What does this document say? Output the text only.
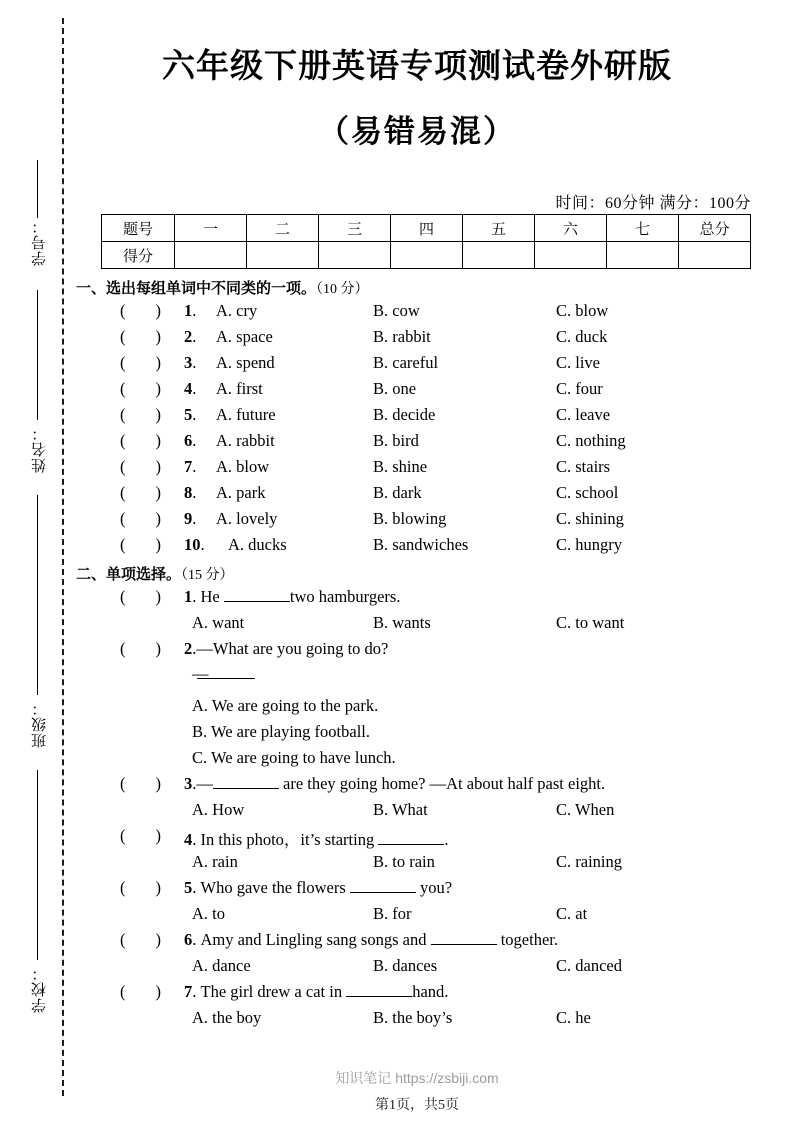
学号：
姓名：
班级：
学校：
六年级下册英语专项测试卷外研版
（易错易混）
时间：60分钟 满分：100分
题号	一	二	三	四	五	六	七	总分
得分								
一、选出每组单词中不同类的一项。（10 分）
( ) 1. A. cry	B. cow	C. blow
( ) 2. A. space	B. rabbit	C. duck
( ) 3. A. spend	B. careful	C. live
( ) 4. A. first	B. one	C. four
( ) 5. A. future	B. decide	C. leave
( ) 6. A. rabbit	B. bird	C. nothing
( ) 7. A. blow	B. shine	C. stairs
( ) 8. A. park	B. dark	C. school
( ) 9. A. lovely	B. blowing	C. shining
( ) 10. A. ducks	B. sandwiches	C. hungry
二、单项选择。（15 分）
( ) 1. He	two hamburgers.
A. want	B. wants	C. to want
( ) 2.—What are you going to do?
—
A. We are going to the park.
B. We are playing football.
C. We are going to have lunch.
( ) 3.—	are they going home? —At about half past eight.
A. How	B. What	C. When
( ) 4. In this photo，it’s starting	.
A. rain	B. to rain	C. raining
( ) 5. Who gave the flowers	you?
A. to	B. for	C. at
( ) 6. Amy and Lingling sang songs and	together.
A. dance	B. dances	C. danced
( ) 7. The girl drew a cat in	hand.
A. the boy	B. the boy’s	C. he
知识笔记 https://zsbiji.com
第1页，共5页
